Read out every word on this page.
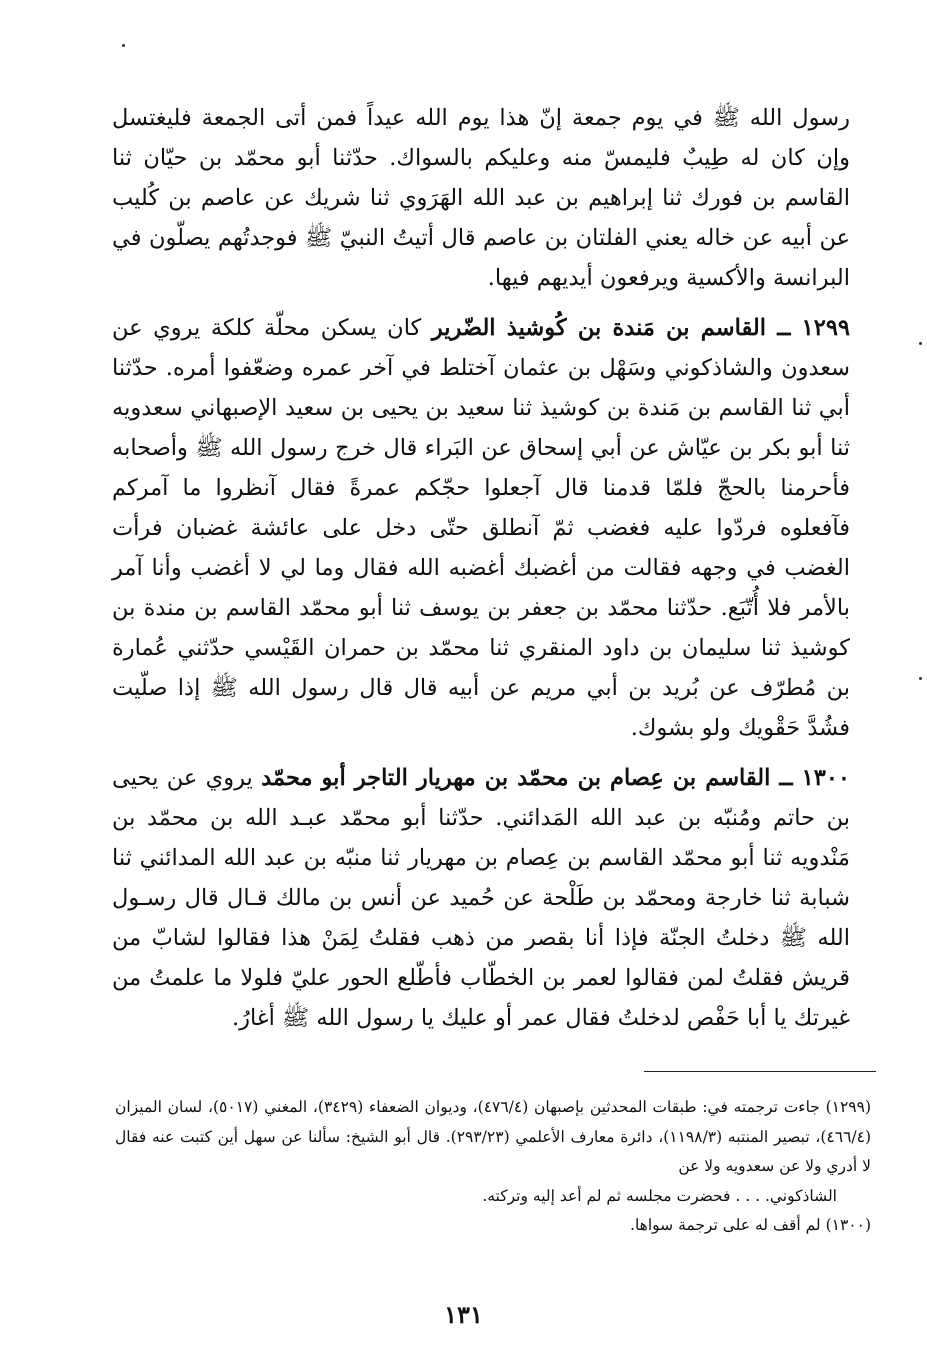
رسول الله ﷺ في يوم جمعة إنّ هذا يوم الله عيداً فمن أتى الجمعة فليغتسل وإن كان له طِيبٌ فليمسّ منه وعليكم بالسواك. حدّثنا أبو محمّد بن حيّان ثنا القاسم بن فورك ثنا إبراهيم بن عبد الله الهَرَوي ثنا شريك عن عاصم بن كُليب عن أبيه عن خاله يعني الفلتان بن عاصم قال أتيتُ النبيّ ﷺ فوجدتُهم يصلّون في البرانسة والأكسية ويرفعون أيديهم فيها.

١٢٩٩ ــ القاسم بن مَندة بن كُوشيذ الضّرير كان يسكن محلّة كلكة يروي عن سعدون والشاذكوني وسَهْل بن عثمان آختلط في آخر عمره وضعّفوا أمره. حدّثنا أبي ثنا القاسم بن مَندة بن كوشيذ ثنا سعيد بن يحيى بن سعيد الإصبهاني سعدويه ثنا أبو بكر بن عيّاش عن أبي إسحاق عن البَراء قال خرج رسول الله ﷺ وأصحابه فأحرمنا بالحجّ فلمّا قدمنا قال آجعلوا حجّكم عمرةً فقال آنظروا ما آمركم فآفعلوه فردّوا عليه فغضب ثمّ آنطلق حتّى دخل على عائشة غضبان فرأت الغضب في وجهه فقالت من أغضبك أغضبه الله فقال وما لي لا أغضب وأنا آمر بالأمر فلا أُتّبَع. حدّثنا محمّد بن جعفر بن يوسف ثنا أبو محمّد القاسم بن مندة بن كوشيذ ثنا سليمان بن داود المنقري ثنا محمّد بن حمران القَيْسي حدّثني عُمارة بن مُطرّف عن بُريد بن أبي مريم عن أبيه قال قال رسول الله ﷺ إذا صلّيت فشُدَّ حَقْويك ولو بشوك.

١٣٠٠ ــ القاسم بن عِصام بن محمّد بن مهريار التاجر أبو محمّد يروي عن يحيى بن حاتم ومُنبّه بن عبد الله المَدائني. حدّثنا أبو محمّد عبـد الله بن محمّد بن مَنْدويه ثنا أبو محمّد القاسم بن عِصام بن مهريار ثنا منبّه بن عبد الله المدائني ثنا شبابة ثنا خارجة ومحمّد بن طَلْحة عن حُميد عن أنس بن مالك قـال قال رسـول الله ﷺ دخلتُ الجنّة فإذا أنا بقصر من ذهب فقلتُ لِمَنْ هذا فقالوا لشابّ من قريش فقلتُ لمن فقالوا لعمر بن الخطّاب فأطّلع الحور عليّ فلولا ما علمتُ من غيرتك يا أبا حَفْص لدخلتُ فقال عمر أو عليك يا رسول الله ﷺ أغارُ.

(١٢٩٩) جاءت ترجمته في: طبقات المحدثين بإصبهان (٤٧٦/٤)، وديوان الضعفاء (٣٤٢٩)، المغني (٥٠١٧)، لسان الميزان (٤٦٦/٤)، تبصير المنتبه (١١٩٨/٣)، دائرة معارف الأعلمي (٢٩٣/٢٣). قال أبو الشيخ: سألنا عن سهل أين كتبت عنه فقال لا أدري ولا عن سعدويه ولا عن

الشاذكوني. . . . فحضرت مجلسه ثم لم أعد إليه وتركته.

(١٣٠٠) لم أقف له على ترجمة سواها.

١٣١
